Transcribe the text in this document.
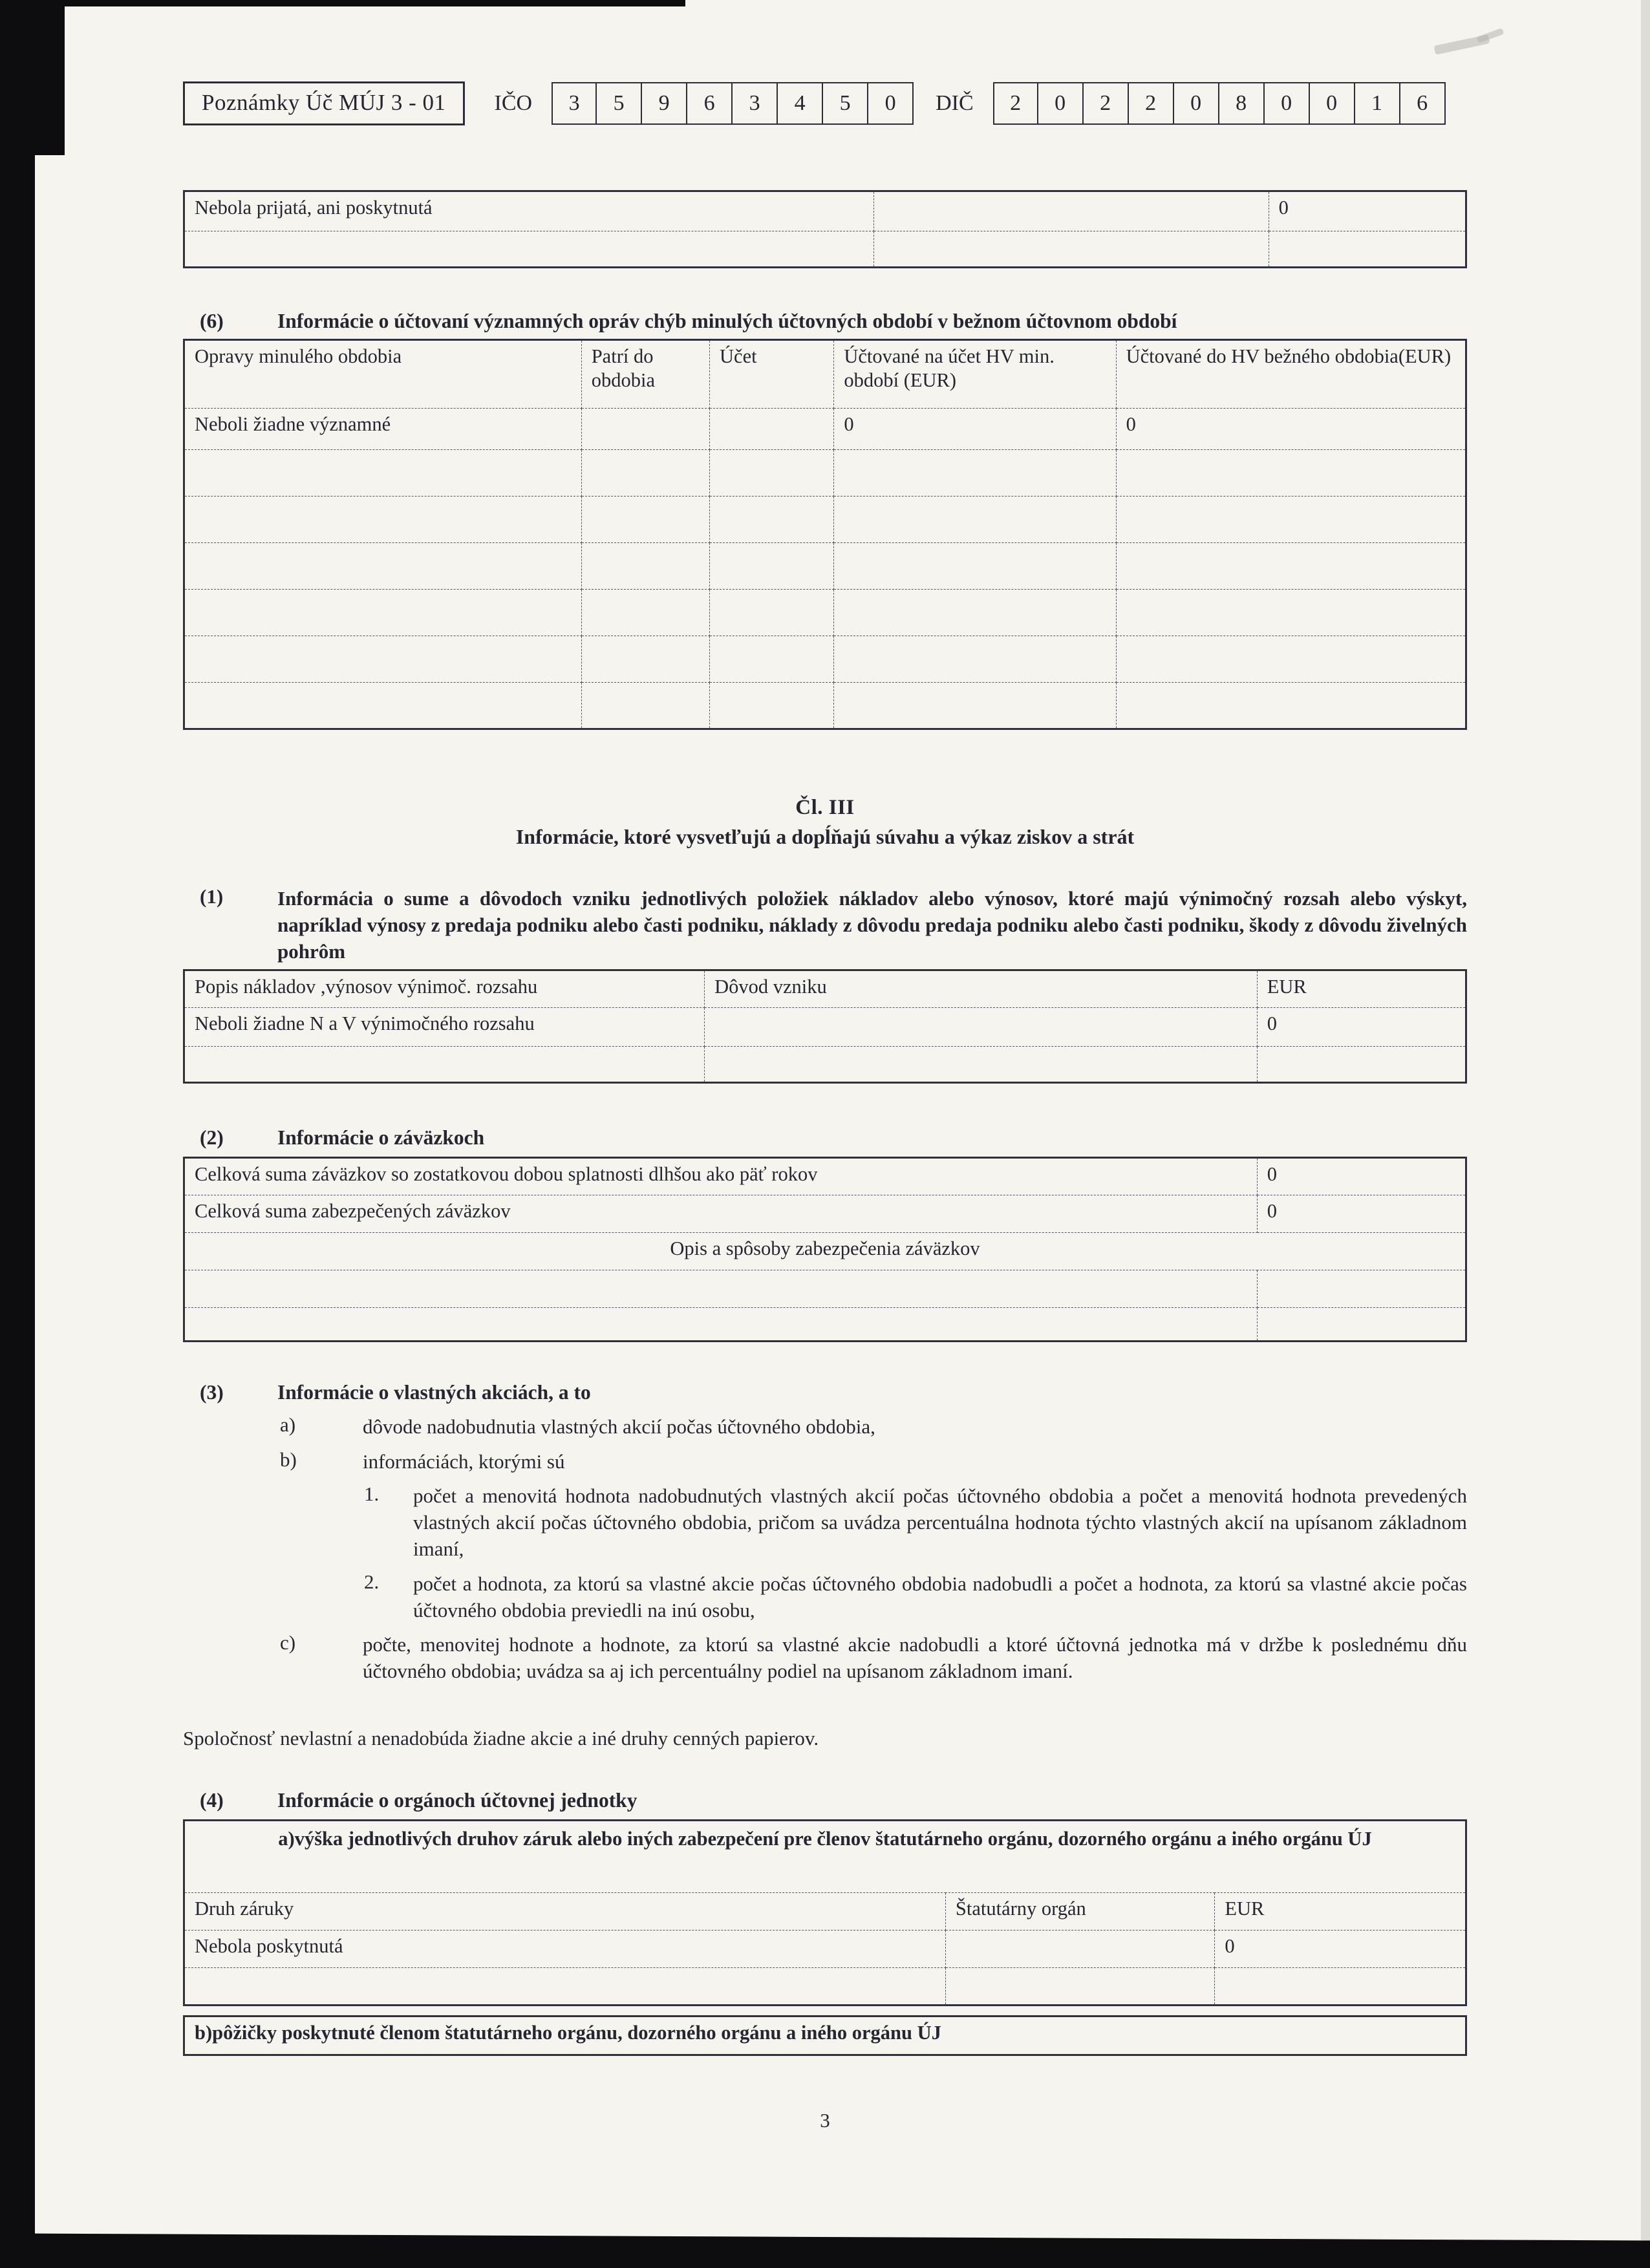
Poznámky Úč MÚJ 3 - 01	IČO	3	5	9	6	3	4	5	0	DIČ	2	0	2	2	0	8	0	0	1	6
Nebola prijatá, ani poskytnutá		0

(6)	Informácie o účtovaní významných opráv chýb minulých účtovných období v bežnom účtovnom období
Opravy minulého obdobia	Patrí do obdobia	Účet	Účtované na účet HV min. období (EUR)	Účtované do HV bežného obdobia(EUR)
Neboli žiadne významné			0	0

Čl. III
Informácie, ktoré vysvetľujú a dopĺňajú súvahu a výkaz ziskov a strát
(1)	Informácia o sume a dôvodoch vzniku jednotlivých položiek nákladov alebo výnosov, ktoré majú výnimočný rozsah alebo výskyt, napríklad výnosy z predaja podniku alebo časti podniku, náklady z dôvodu predaja podniku alebo časti podniku, škody z dôvodu živelných pohrôm
Popis nákladov ,výnosov výnimoč. rozsahu	Dôvod vzniku	EUR
Neboli žiadne N a V výnimočného rozsahu		0

(2)	Informácie o záväzkoch
Celková suma záväzkov so zostatkovou dobou splatnosti dlhšou ako päť rokov	0
Celková suma zabezpečených záväzkov	0
Opis a spôsoby zabezpečenia záväzkov	

(3)	Informácie o vlastných akciách, a to
a)	dôvode nadobudnutia vlastných akcií počas účtovného obdobia,
b)	informáciách, ktorými sú
1.	počet a menovitá hodnota nadobudnutých vlastných akcií počas účtovného obdobia a počet a menovitá hodnota prevedených vlastných akcií počas účtovného obdobia, pričom sa uvádza percentuálna hodnota týchto vlastných akcií na upísanom základnom imaní,
2.	počet a hodnota, za ktorú sa vlastné akcie počas účtovného obdobia nadobudli a počet a hodnota, za ktorú sa vlastné akcie počas účtovného obdobia previedli na inú osobu,
c)	počte, menovitej hodnote a hodnote, za ktorú sa vlastné akcie nadobudli a ktoré účtovná jednotka má v držbe k poslednému dňu účtovného obdobia; uvádza sa aj ich percentuálny podiel na upísanom základnom imaní.
Spoločnosť nevlastní a nenadobúda žiadne akcie a iné druhy cenných papierov.
(4)	Informácie o orgánoch účtovnej jednotky
a)výška jednotlivých druhov záruk alebo iných zabezpečení pre členov štatutárneho orgánu, dozorného orgánu a iného orgánu ÚJ		
Druh záruky	Štatutárny orgán	EUR
Nebola poskytnutá		0

b)pôžičky poskytnuté členom štatutárneho orgánu, dozorného orgánu a iného orgánu ÚJ
3
